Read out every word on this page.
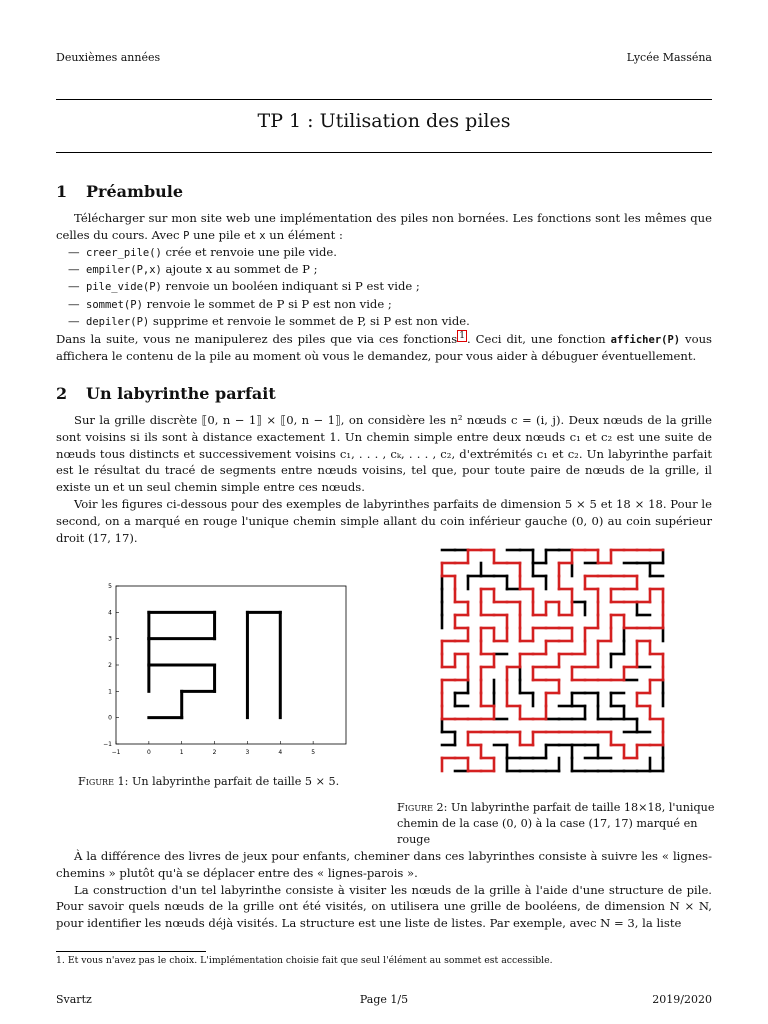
Deuxièmes années	Lycée Masséna
TP 1 : Utilisation des piles
1 Préambule
Télécharger sur mon site web une implémentation des piles non bornées. Les fonctions sont les mêmes que celles du cours. Avec P une pile et x un élément :
— creer_pile() crée et renvoie une pile vide.
— empiler(P,x) ajoute x au sommet de P ;
— pile_vide(P) renvoie un booléen indiquant si P est vide ;
— sommet(P) renvoie le sommet de P si P est non vide ;
— depiler(P) supprime et renvoie le sommet de P, si P est non vide.
Dans la suite, vous ne manipulerez des piles que via ces fonctions $^1$ . Ceci dit, une fonction afficher(P) vous affichera le contenu de la pile au moment où vous le demandez, pour vous aider à débuguer éventuellement.
2 Un labyrinthe parfait
Sur la grille discrète ⟦0, n − 1⟧ × ⟦0, n − 1⟧, on considère les n² nœuds c = (i, j). Deux nœuds de la grille sont voisins si ils sont à distance exactement 1. Un chemin simple entre deux nœuds c₁ et c₂ est une suite de nœuds tous distincts et successivement voisins c₁, . . . , cₖ, . . . , c₂, d'extrémités c₁ et c₂. Un labyrinthe parfait est le résultat du tracé de segments entre nœuds voisins, tel que, pour toute paire de nœuds de la grille, il existe un et un seul chemin simple entre ces nœuds.
Voir les figures ci-dessous pour des exemples de labyrinthes parfaits de dimension 5 × 5 et 18 × 18. Pour le second, on a marqué en rouge l'unique chemin simple allant du coin inférieur gauche (0, 0) au coin supérieur droit (17, 17).
−1	0	1	2	3	4	5
−1
0
1
2
3
4
5
Figure 1: Un labyrinthe parfait de taille 5 × 5.
Figure 2: Un labyrinthe parfait de taille 18×18, l'unique chemin de la case (0, 0) à la case (17, 17) marqué en rouge
À la différence des livres de jeux pour enfants, cheminer dans ces labyrinthes consiste à suivre les « lignes-chemins » plutôt qu'à se déplacer entre des « lignes-parois ».
La construction d'un tel labyrinthe consiste à visiter les nœuds de la grille à l'aide d'une structure de pile. Pour savoir quels nœuds de la grille ont été visités, on utilisera une grille de booléens, de dimension N × N, pour identifier les nœuds déjà visités. La structure est une liste de listes. Par exemple, avec N = 3, la liste
1. Et vous n'avez pas le choix. L'implémentation choisie fait que seul l'élément au sommet est accessible.
Svartz	Page 1/5	2019/2020
